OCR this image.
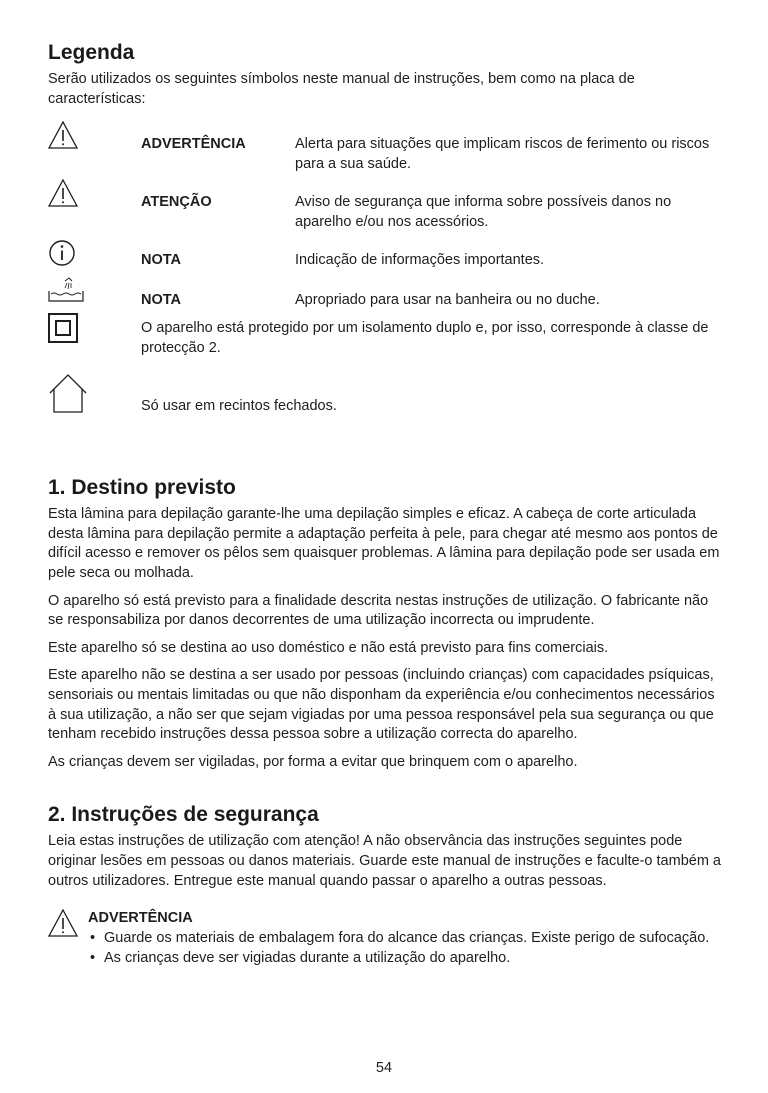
Legenda

Serão utilizados os seguintes símbolos neste manual de instruções, bem como na placa de características:

ADVERTÊNCIA	Alerta para situações que implicam riscos de ferimento ou riscos para a sua saúde.
ATENÇÃO	Aviso de segurança que informa sobre possíveis danos no aparelho e/ou nos acessórios.
NOTA	Indicação de informações importantes.
NOTA	Apropriado para usar na banheira ou no duche.
O aparelho está protegido por um isolamento duplo e, por isso, corresponde à classe de protecção 2.
Só usar em recintos fechados.
1. Destino previsto

Esta lâmina para depilação garante-lhe uma depilação simples e eficaz. A cabeça de corte articulada desta lâmina para depilação permite a adaptação perfeita à pele, para chegar até mesmo aos pontos de difícil acesso e remover os pêlos sem quaisquer problemas. A lâmina para depilação pode ser usada em pele seca ou molhada.

O aparelho só está previsto para a finalidade descrita nestas instruções de utilização. O fabricante não se responsabiliza por danos decorrentes de uma utilização incorrecta ou imprudente.

Este aparelho só se destina ao uso doméstico e não está previsto para fins comerciais.

Este aparelho não se destina a ser usado por pessoas (incluindo crianças) com capacidades psíquicas, sensoriais ou mentais limitadas ou que não disponham da experiência e/ou conhecimentos necessários à sua utilização, a não ser que sejam vigiadas por uma pessoa responsável pela sua segurança ou que tenham recebido instruções dessa pessoa sobre a utilização correcta do aparelho.

As crianças devem ser vigiladas, por forma a evitar que brinquem com o aparelho.

2. Instruções de segurança

Leia estas instruções de utilização com atenção! A não observância das instruções seguintes pode originar lesões em pessoas ou danos materiais. Guarde este manual de instruções e faculte-o também a outros utilizadores. Entregue este manual quando passar o aparelho a outras pessoas.

ADVERTÊNCIA
• Guarde os materiais de embalagem fora do alcance das crianças. Existe perigo de sufocação.
• As crianças deve ser vigiadas durante a utilização do aparelho.
54
